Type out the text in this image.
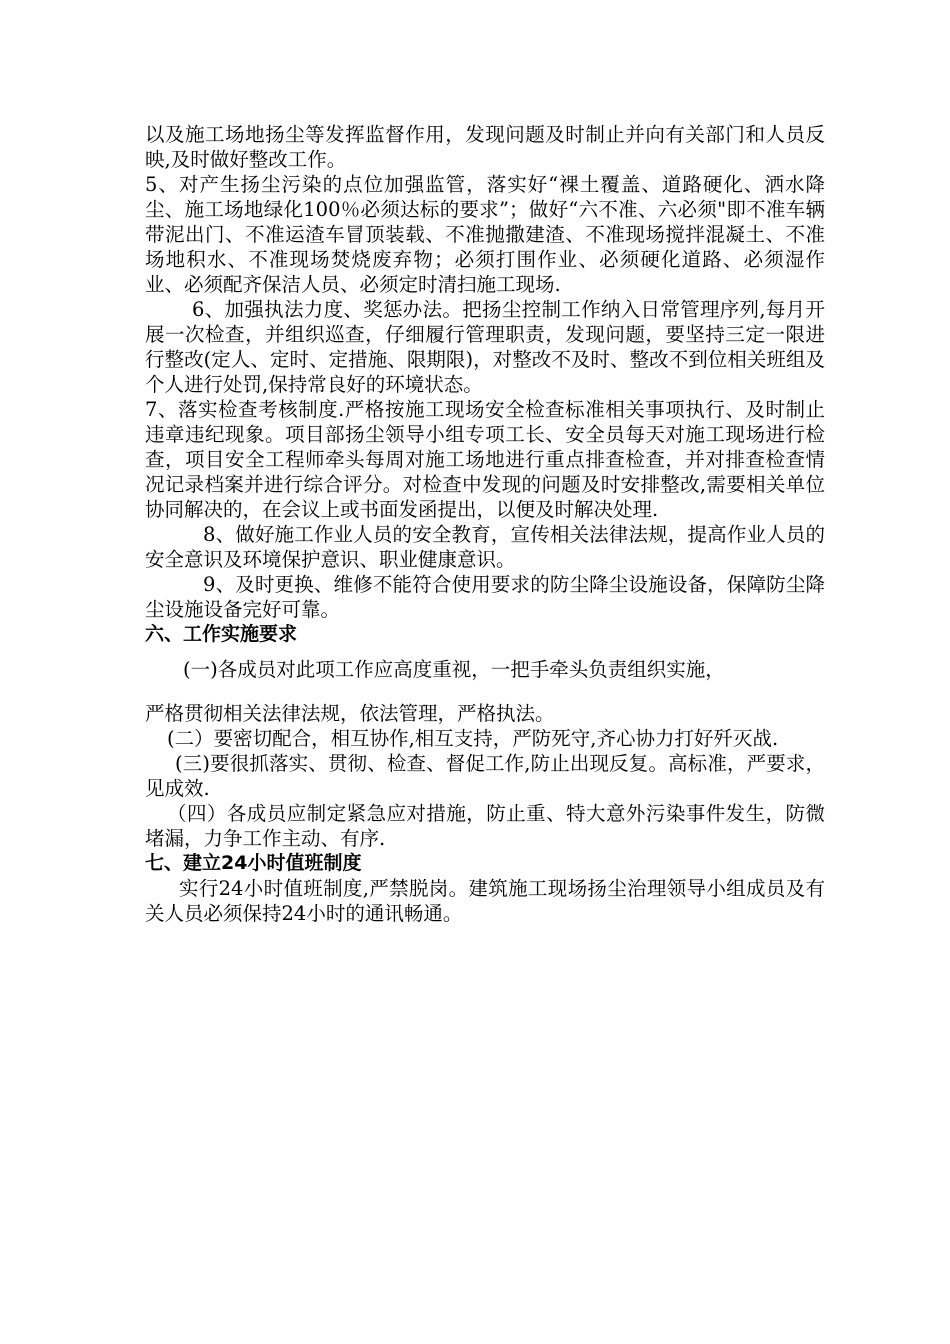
以及施工场地扬尘等发挥监督作用，发现问题及时制止并向有关部门和人员反映,及时做好整改工作。

5、对产生扬尘污染的点位加强监管，落实好“裸土覆盖、道路硬化、洒水降尘、施工场地绿化100％必须达标的要求”；做好“六不准、六必须"即不准车辆带泥出门、不准运渣车冒顶装载、不准抛撒建渣、不准现场搅拌混凝土、不准场地积水、不准现场焚烧废弃物；必须打围作业、必须硬化道路、必须湿作业、必须配齐保洁人员、必须定时清扫施工现场.

6、加强执法力度、奖惩办法。把扬尘控制工作纳入日常管理序列,每月开展一次检查，并组织巡查，仔细履行管理职责，发现问题，要坚持三定一限进行整改(定人、定时、定措施、限期限)，对整改不及时、整改不到位相关班组及个人进行处罚,保持常良好的环境状态。

7、落实检查考核制度.严格按施工现场安全检查标准相关事项执行、及时制止违章违纪现象。项目部扬尘领导小组专项工长、安全员每天对施工现场进行检查，项目安全工程师牵头每周对施工场地进行重点排查检查，并对排查检查情况记录档案并进行综合评分。对检查中发现的问题及时安排整改,需要相关单位协同解决的，在会议上或书面发函提出，以便及时解决处理.

8、做好施工作业人员的安全教育，宣传相关法律法规，提高作业人员的安全意识及环境保护意识、职业健康意识。

9、及时更换、维修不能符合使用要求的防尘降尘设施设备，保障防尘降尘设施设备完好可靠。

六、工作实施要求

(一)各成员对此项工作应高度重视，一把手牵头负责组织实施，

严格贯彻相关法律法规，依法管理，严格执法。

(二）要密切配合，相互协作,相互支持，严防死守,齐心协力打好歼灭战.

(三)要很抓落实、贯彻、检查、督促工作,防止出现反复。高标准，严要求，见成效.

（四）各成员应制定紧急应对措施，防止重、特大意外污染事件发生，防微堵漏，力争工作主动、有序.

七、建立24小时值班制度

实行24小时值班制度,严禁脱岗。建筑施工现场扬尘治理领导小组成员及有关人员必须保持24小时的通讯畅通。
